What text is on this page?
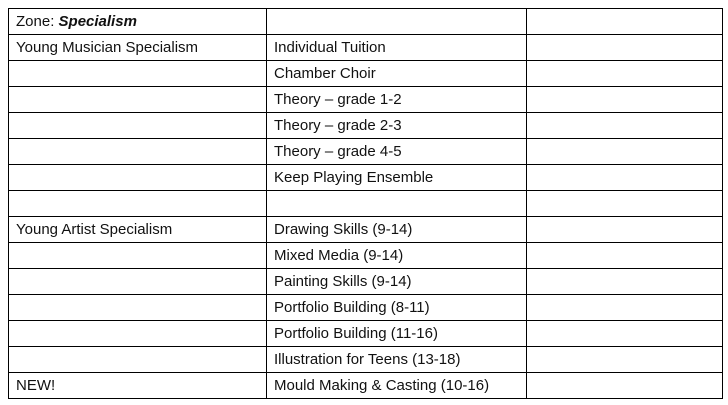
Zone: Specialism		
Young Musician Specialism	Individual Tuition	
	Chamber Choir	
	Theory – grade 1-2	
	Theory – grade 2-3	
	Theory – grade 4-5	
	Keep Playing Ensemble	

Young Artist Specialism	Drawing Skills (9-14)	
	Mixed Media (9-14)	
	Painting Skills (9-14)	
	Portfolio Building (8-11)	
	Portfolio Building (11-16)	
	Illustration for Teens (13-18)	
NEW!	Mould Making & Casting (10-16)	
